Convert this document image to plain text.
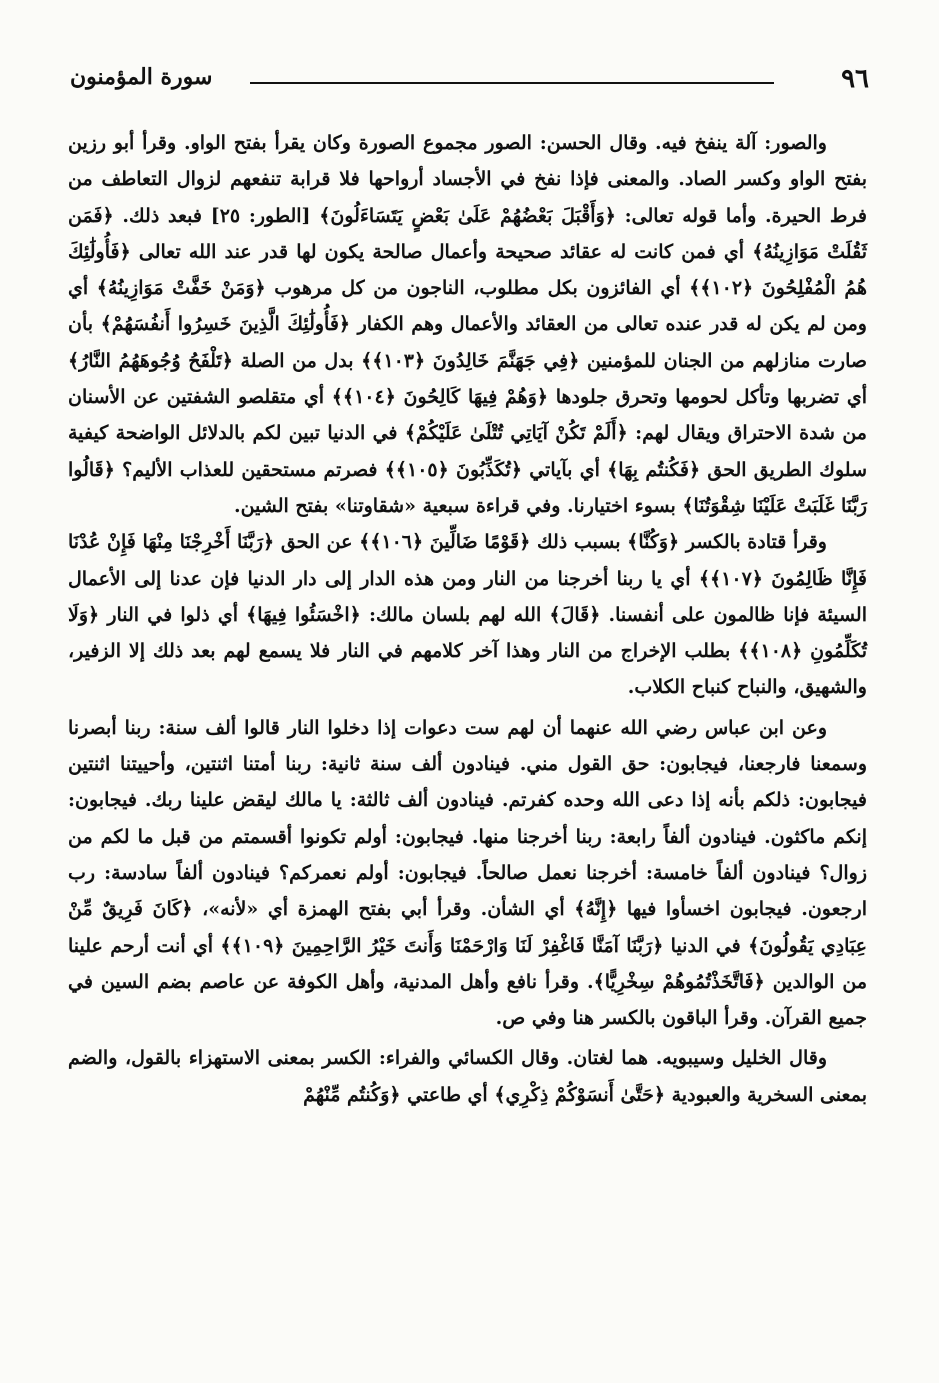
٩٦
سورة المؤمنون

والصور: آلة ينفخ فيه. وقال الحسن: الصور مجموع الصورة وكان يقرأ بفتح الواو. وقرأ أبو رزين بفتح الواو وكسر الصاد. والمعنى فإذا نفخ في الأجساد أرواحها فلا قرابة تنفعهم لزوال التعاطف من فرط الحيرة. وأما قوله تعالى: ﴿وَأَقْبَلَ بَعْضُهُمْ عَلَىٰ بَعْضٍ يَتَسَاءَلُونَ﴾ [الطور: ٢٥] فبعد ذلك. ﴿فَمَن ثَقُلَتْ مَوَازِينُهُ﴾ أي فمن كانت له عقائد صحيحة وأعمال صالحة يكون لها قدر عند الله تعالى ﴿فَأُولَٰئِكَ هُمُ الْمُفْلِحُونَ ﴿١٠٢﴾﴾ أي الفائزون بكل مطلوب، الناجون من كل مرهوب ﴿وَمَنْ خَفَّتْ مَوَازِينُهُ﴾ أي ومن لم يكن له قدر عنده تعالى من العقائد والأعمال وهم الكفار ﴿فَأُولَٰئِكَ الَّذِينَ خَسِرُوا أَنفُسَهُمْ﴾ بأن صارت منازلهم من الجنان للمؤمنين ﴿فِي جَهَنَّمَ خَالِدُونَ ﴿١٠٣﴾﴾ بدل من الصلة ﴿تَلْفَحُ وُجُوهَهُمُ النَّارُ﴾ أي تضربها وتأكل لحومها وتحرق جلودها ﴿وَهُمْ فِيهَا كَالِحُونَ ﴿١٠٤﴾﴾ أي متقلصو الشفتين عن الأسنان من شدة الاحتراق ويقال لهم: ﴿أَلَمْ تَكُنْ آيَاتِي تُتْلَىٰ عَلَيْكُمْ﴾ في الدنيا تبين لكم بالدلائل الواضحة كيفية سلوك الطريق الحق ﴿فَكُنتُم بِهَا﴾ أي بآياتي ﴿تُكَذِّبُونَ ﴿١٠٥﴾﴾ فصرتم مستحقين للعذاب الأليم؟ ﴿قَالُوا رَبَّنَا غَلَبَتْ عَلَيْنَا شِقْوَتُنَا﴾ بسوء اختيارنا. وفي قراءة سبعية «شقاوتنا» بفتح الشين.

وقرأ قتادة بالكسر ﴿وَكُنَّا﴾ بسبب ذلك ﴿قَوْمًا ضَالِّينَ ﴿١٠٦﴾﴾ عن الحق ﴿رَبَّنَا أَخْرِجْنَا مِنْهَا فَإِنْ عُدْنَا فَإِنَّا ظَالِمُونَ ﴿١٠٧﴾﴾ أي يا ربنا أخرجنا من النار ومن هذه الدار إلى دار الدنيا فإن عدنا إلى الأعمال السيئة فإنا ظالمون على أنفسنا. ﴿قَالَ﴾ الله لهم بلسان مالك: ﴿اخْسَئُوا فِيهَا﴾ أي ذلوا في النار ﴿وَلَا تُكَلِّمُونِ ﴿١٠٨﴾﴾ بطلب الإخراج من النار وهذا آخر كلامهم في النار فلا يسمع لهم بعد ذلك إلا الزفير، والشهيق، والنباح كنباح الكلاب.

وعن ابن عباس رضي الله عنهما أن لهم ست دعوات إذا دخلوا النار قالوا ألف سنة: ربنا أبصرنا وسمعنا فارجعنا، فيجابون: حق القول مني. فينادون ألف سنة ثانية: ربنا أمتنا اثنتين، وأحييتنا اثنتين فيجابون: ذلكم بأنه إذا دعى الله وحده كفرتم. فينادون ألف ثالثة: يا مالك ليقض علينا ربك. فيجابون: إنكم ماكثون. فينادون ألفاً رابعة: ربنا أخرجنا منها. فيجابون: أولم تكونوا أقسمتم من قبل ما لكم من زوال؟ فينادون ألفاً خامسة: أخرجنا نعمل صالحاً. فيجابون: أولم نعمركم؟ فينادون ألفاً سادسة: رب ارجعون. فيجابون اخسأوا فيها ﴿إِنَّهُ﴾ أي الشأن. وقرأ أبي بفتح الهمزة أي «لأنه»، ﴿كَانَ فَرِيقٌ مِّنْ عِبَادِي يَقُولُونَ﴾ في الدنيا ﴿رَبَّنَا آمَنَّا فَاغْفِرْ لَنَا وَارْحَمْنَا وَأَنتَ خَيْرُ الرَّاحِمِينَ ﴿١٠٩﴾﴾ أي أنت أرحم علينا من الوالدين ﴿فَاتَّخَذْتُمُوهُمْ سِخْرِيًّا﴾. وقرأ نافع وأهل المدنية، وأهل الكوفة عن عاصم بضم السين في جميع القرآن. وقرأ الباقون بالكسر هنا وفي ص.

وقال الخليل وسيبويه. هما لغتان. وقال الكسائي والفراء: الكسر بمعنى الاستهزاء بالقول، والضم بمعنى السخرية والعبودية ﴿حَتَّىٰ أَنسَوْكُمْ ذِكْرِي﴾ أي طاعتي ﴿وَكُنتُم مِّنْهُمْ
